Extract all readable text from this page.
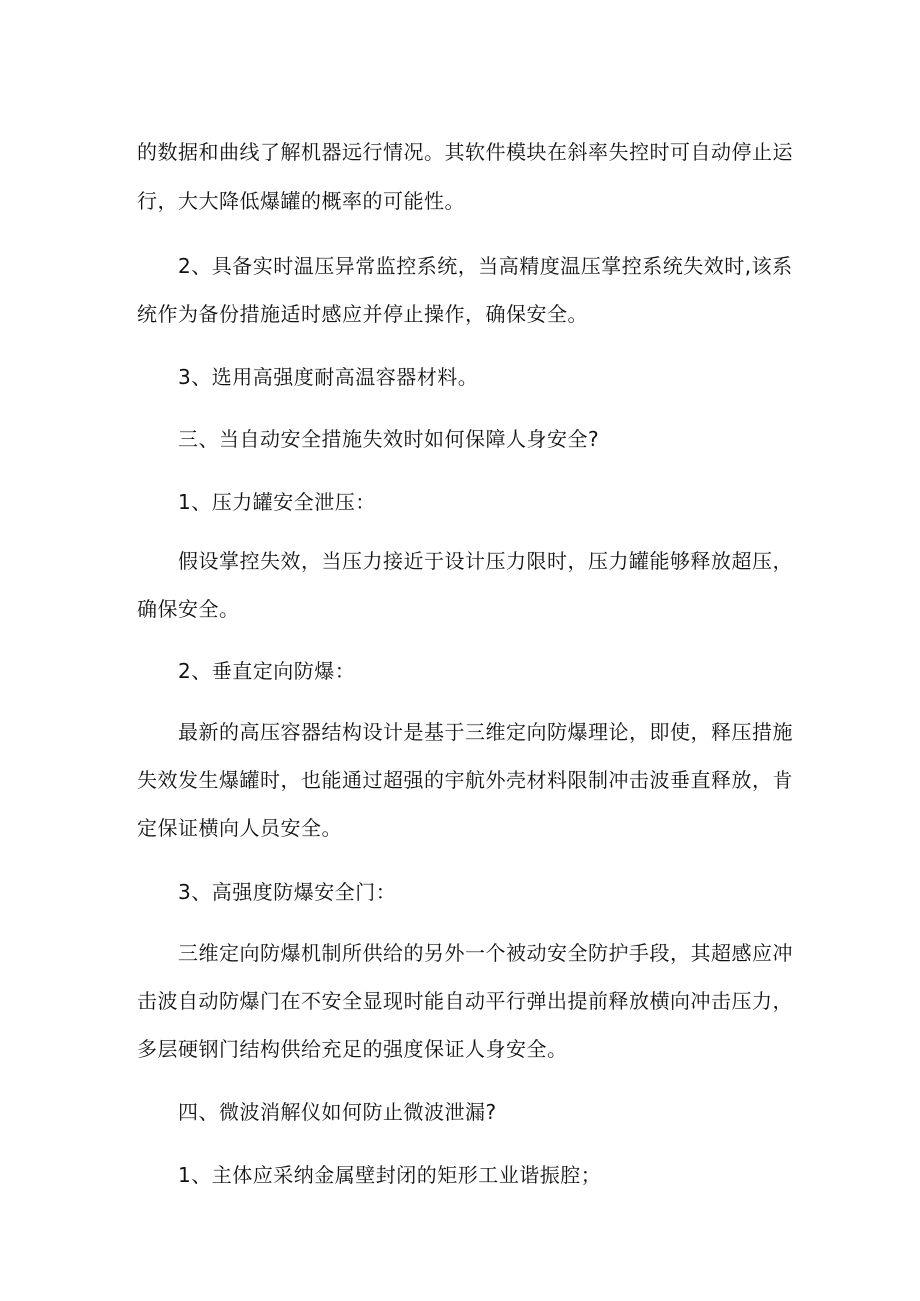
的数据和曲线了解机器远行情况。其软件模块在斜率失控时可自动停止运
行，大大降低爆罐的概率的可能性。
2、具备实时温压异常监控系统，当高精度温压掌控系统失效时,该系
统作为备份措施适时感应并停止操作，确保安全。
3、选用高强度耐高温容器材料。
三、当自动安全措施失效时如何保障人身安全?
1、压力罐安全泄压：
假设掌控失效，当压力接近于设计压力限时，压力罐能够释放超压，
确保安全。
2、垂直定向防爆：
最新的高压容器结构设计是基于三维定向防爆理论，即使，释压措施
失效发生爆罐时，也能通过超强的宇航外壳材料限制冲击波垂直释放，肯
定保证横向人员安全。
3、高强度防爆安全门：
三维定向防爆机制所供给的另外一个被动安全防护手段，其超感应冲
击波自动防爆门在不安全显现时能自动平行弹出提前释放横向冲击压力，
多层硬钢门结构供给充足的强度保证人身安全。
四、微波消解仪如何防止微波泄漏?
1、主体应采纳金属壁封闭的矩形工业谐振腔；
